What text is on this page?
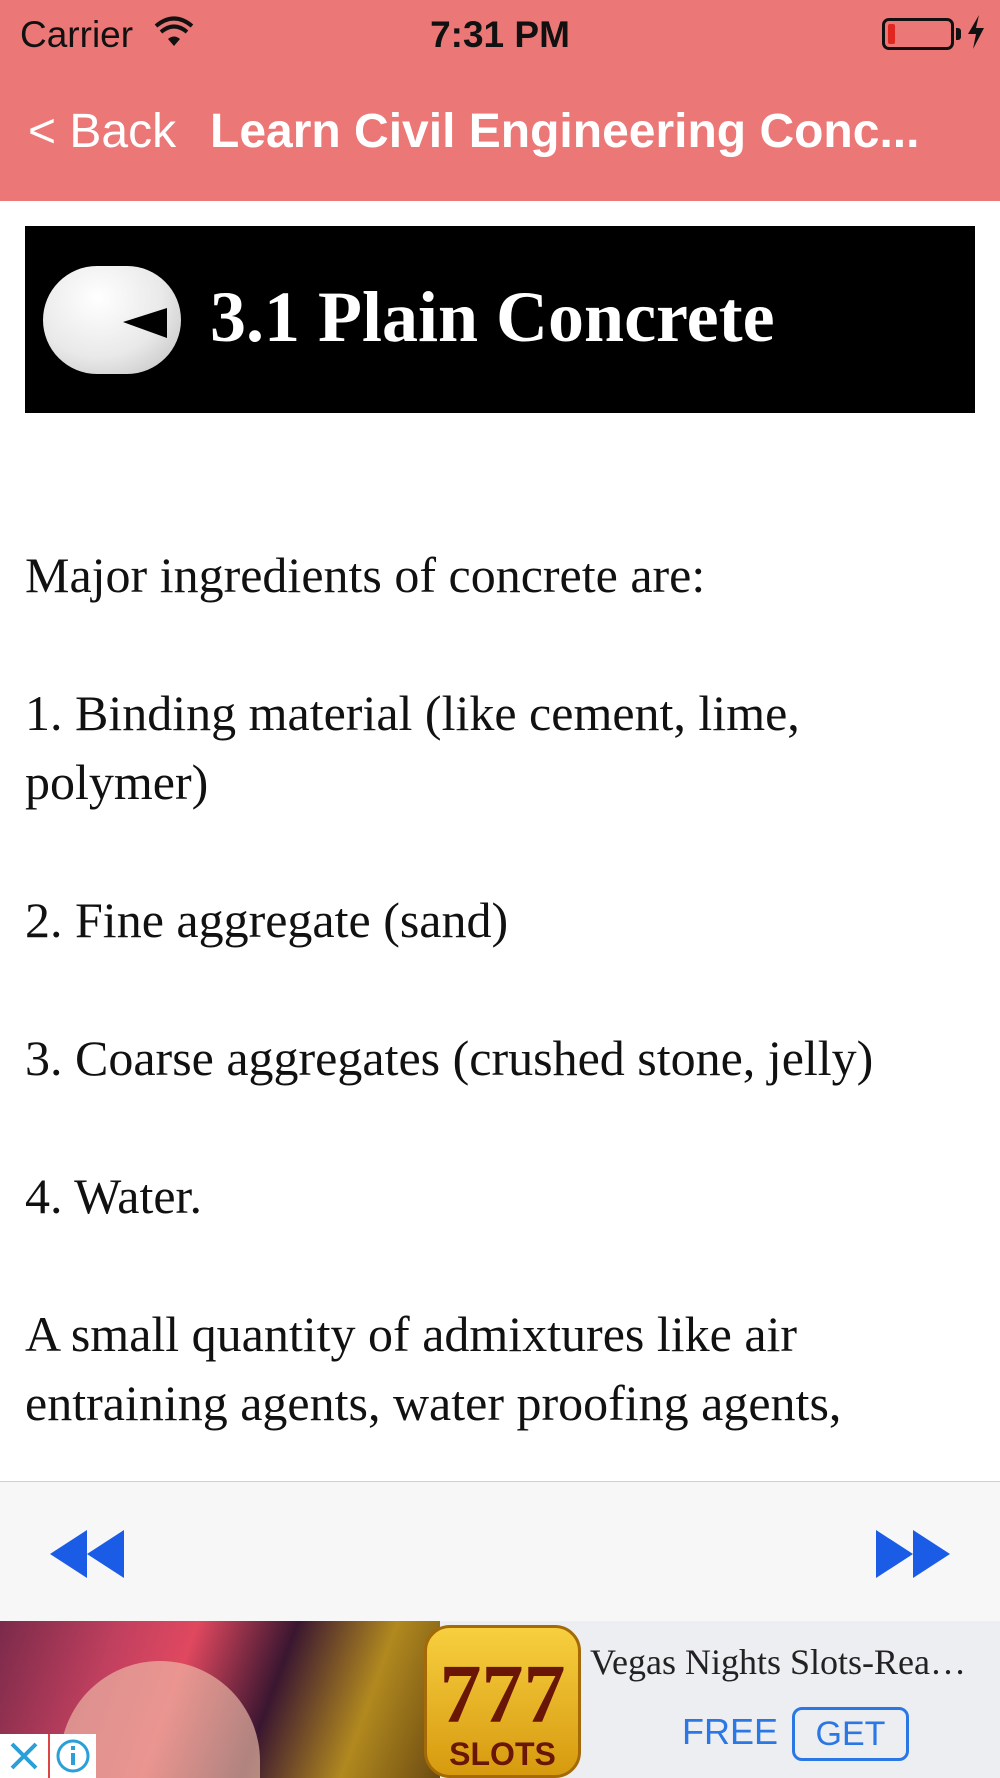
Carrier	7:31 PM
< Back Learn Civil Engineering Conc...
3.1 Plain Concrete

Major ingredients of concrete are:

1. Binding material (like cement, lime, polymer)

2. Fine aggregate (sand)

3. Coarse aggregates (crushed stone, jelly)

4. Water.

A small quantity of admixtures like air entraining agents, water proofing agents,

777
SLOTS
Vegas Nights Slots-Rea…
FREE	GET
